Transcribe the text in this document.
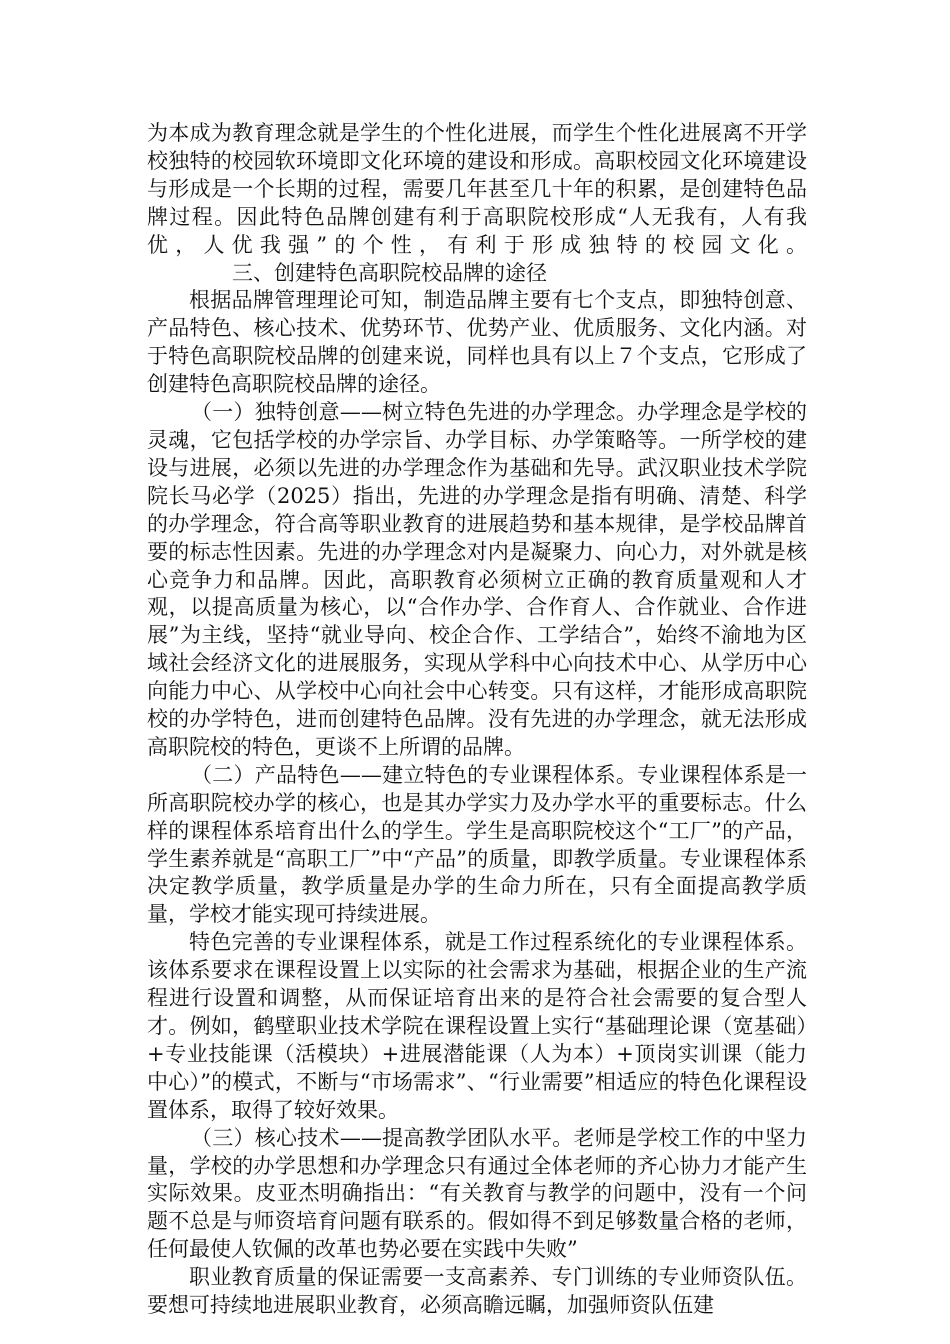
为本成为教育理念就是学生的个性化进展，而学生个性化进展离不开学校独特的校园软环境即文化环境的建设和形成。高职校园文化环境建设与形成是一个长期的过程，需要几年甚至几十年的积累，是创建特色品牌过程。因此特色品牌创建有利于高职院校形成“人无我有，人有我优，人优我强”的个性，有利于形成独特的校园文化。三、创建特色高职院校品牌的途径

根据品牌管理理论可知，制造品牌主要有七个支点，即独特创意、产品特色、核心技术、优势环节、优势产业、优质服务、文化内涵。对于特色高职院校品牌的创建来说，同样也具有以上７个支点，它形成了创建特色高职院校品牌的途径。

（一）独特创意——树立特色先进的办学理念。办学理念是学校的灵魂，它包括学校的办学宗旨、办学目标、办学策略等。一所学校的建设与进展，必须以先进的办学理念作为基础和先导。武汉职业技术学院院长马必学（2025）指出，先进的办学理念是指有明确、清楚、科学的办学理念，符合高等职业教育的进展趋势和基本规律，是学校品牌首要的标志性因素。先进的办学理念对内是凝聚力、向心力，对外就是核心竞争力和品牌。因此，高职教育必须树立正确的教育质量观和人才观，以提高质量为核心，以“合作办学、合作育人、合作就业、合作进展”为主线，坚持“就业导向、校企合作、工学结合”，始终不渝地为区域社会经济文化的进展服务，实现从学科中心向技术中心、从学历中心向能力中心、从学校中心向社会中心转变。只有这样，才能形成高职院校的办学特色，进而创建特色品牌。没有先进的办学理念，就无法形成高职院校的特色，更谈不上所谓的品牌。

（二）产品特色——建立特色的专业课程体系。专业课程体系是一所高职院校办学的核心，也是其办学实力及办学水平的重要标志。什么样的课程体系培育出什么的学生。学生是高职院校这个“工厂”的产品，学生素养就是“高职工厂”中“产品”的质量，即教学质量。专业课程体系决定教学质量，教学质量是办学的生命力所在，只有全面提高教学质量，学校才能实现可持续进展。

特色完善的专业课程体系，就是工作过程系统化的专业课程体系。该体系要求在课程设置上以实际的社会需求为基础，根据企业的生产流程进行设置和调整，从而保证培育出来的是符合社会需要的复合型人才。例如，鹤壁职业技术学院在课程设置上实行“基础理论课（宽基础）+专业技能课（活模块）+进展潜能课（人为本）+顶岗实训课（能力中心）”的模式，不断与“市场需求”、“行业需要”相适应的特色化课程设置体系，取得了较好效果。

（三）核心技术——提高教学团队水平。老师是学校工作的中坚力量，学校的办学思想和办学理念只有通过全体老师的齐心协力才能产生实际效果。皮亚杰明确指出：“有关教育与教学的问题中，没有一个问题不总是与师资培育问题有联系的。假如得不到足够数量合格的老师，任何最使人钦佩的改革也势必要在实践中失败”

职业教育质量的保证需要一支高素养、专门训练的专业师资队伍。要想可持续地进展职业教育，必须高瞻远瞩，加强师资队伍建
